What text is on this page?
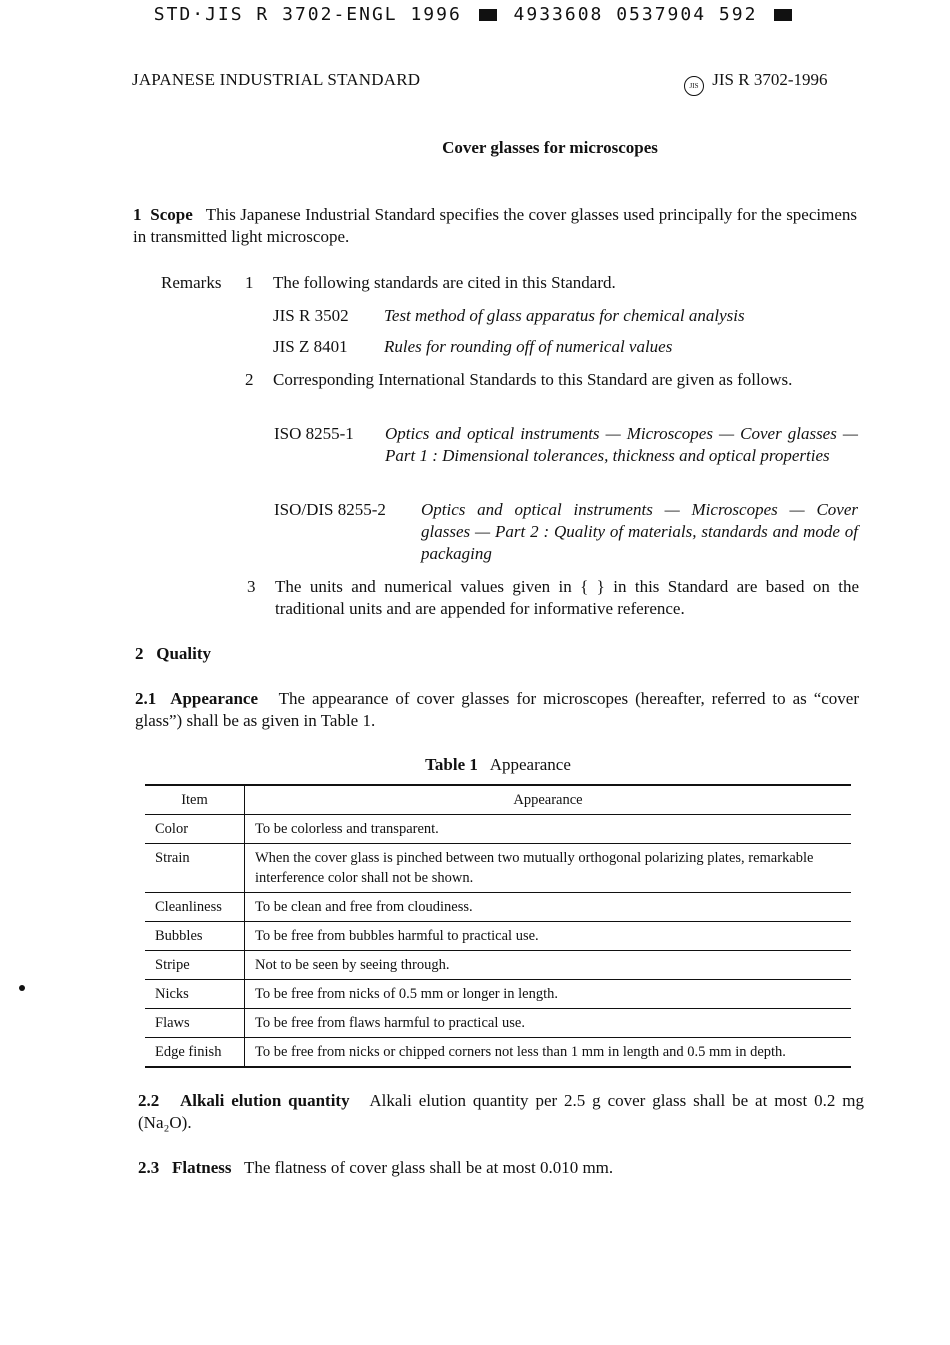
STD·JIS R 3702-ENGL 1996	4933608 0537904 592
JAPANESE INDUSTRIAL STANDARD	JIS JIS R 3702-1996
Cover glasses for microscopes
1 Scope This Japanese Industrial Standard specifies the cover glasses used principally for the specimens in transmitted light microscope.
Remarks 1 The following standards are cited in this Standard.
JIS R 3502 Test method of glass apparatus for chemical analysis
JIS Z 8401 Rules for rounding off of numerical values
2 Corresponding International Standards to this Standard are given as follows.
ISO 8255-1 Optics and optical instruments — Microscopes — Cover glasses — Part 1 : Dimensional tolerances, thickness and optical properties
ISO/DIS 8255-2 Optics and optical instruments — Microscopes — Cover glasses — Part 2 : Quality of materials, standards and mode of packaging
3 The units and numerical values given in { } in this Standard are based on the traditional units and are appended for informative reference.
2 Quality
2.1 Appearance The appearance of cover glasses for microscopes (hereafter, referred to as “cover glass”) shall be as given in Table 1.
Table 1 Appearance
Item	Appearance
Color	To be colorless and transparent.
Strain	When the cover glass is pinched between two mutually orthogonal polarizing plates, remarkable interference color shall not be shown.
Cleanliness	To be clean and free from cloudiness.
Bubbles	To be free from bubbles harmful to practical use.
Stripe	Not to be seen by seeing through.
Nicks	To be free from nicks of 0.5 mm or longer in length.
Flaws	To be free from flaws harmful to practical use.
Edge finish	To be free from nicks or chipped corners not less than 1 mm in length and 0.5 mm in depth.
2.2 Alkali elution quantity Alkali elution quantity per 2.5 g cover glass shall be at most 0.2 mg (Na₂O).
2.3 Flatness The flatness of cover glass shall be at most 0.010 mm.
